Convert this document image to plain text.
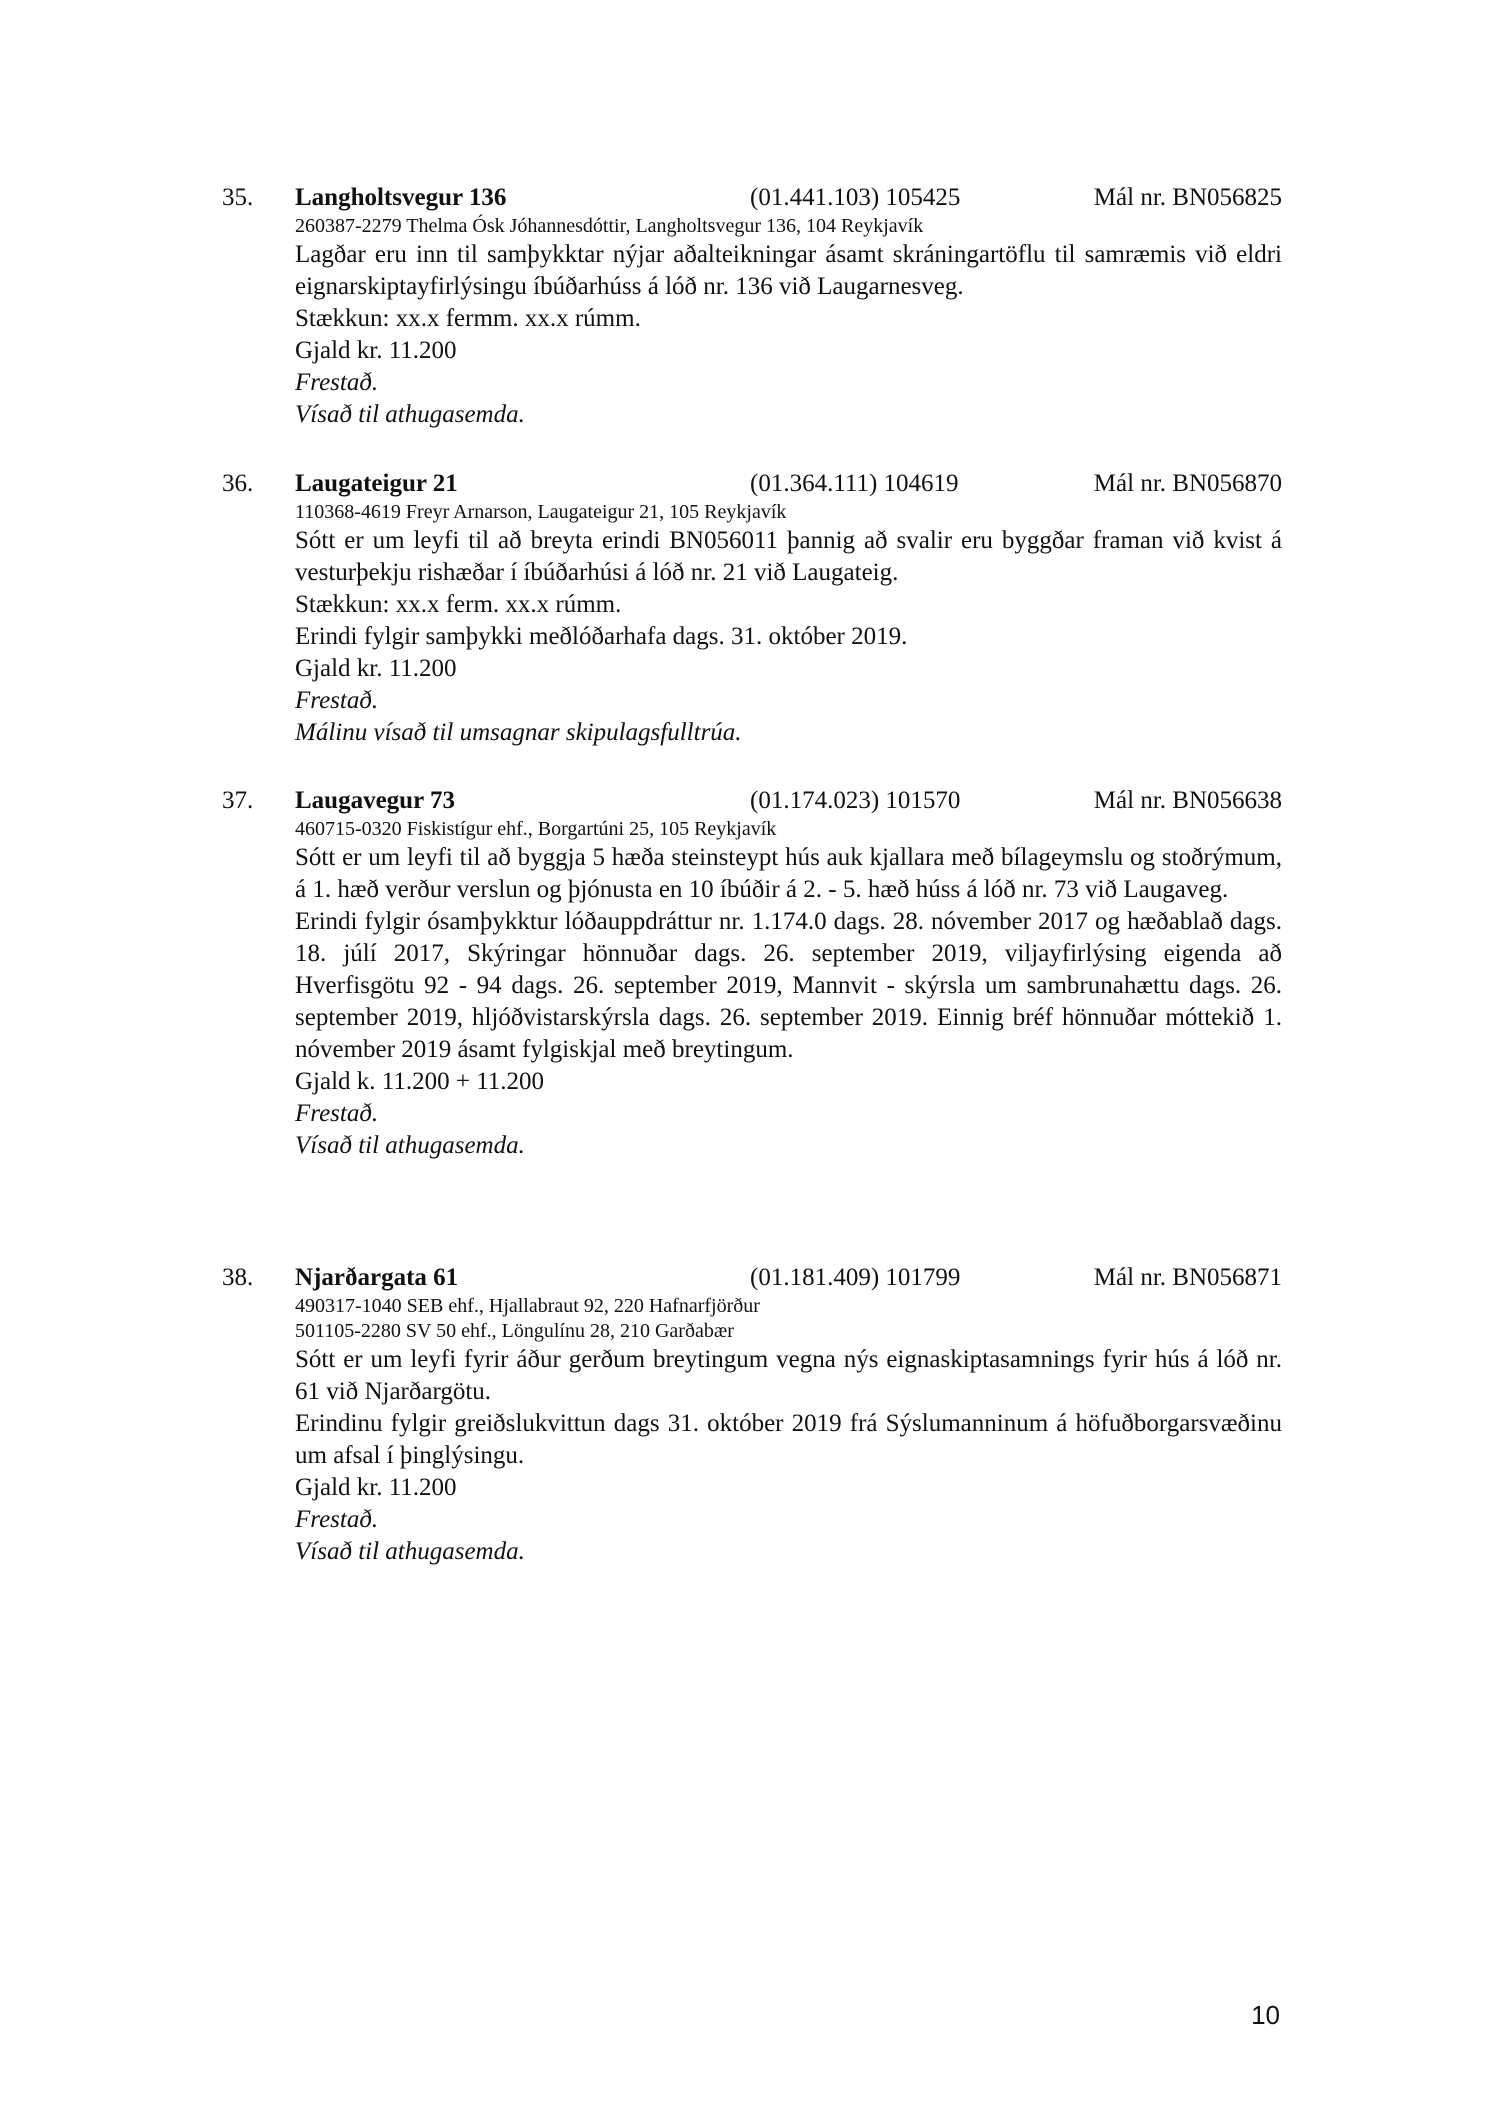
35. Langholtsvegur 136	(01.441.103) 105425	Mál nr. BN056825
260387-2279 Thelma Ósk Jóhannesdóttir, Langholtsvegur 136, 104 Reykjavík
Lagðar eru inn til samþykktar nýjar aðalteikningar ásamt skráningartöflu til samræmis við eldri eignarskiptayfirlýsingu íbúðarhúss á lóð nr. 136 við Laugarnesveg.
Stækkun: xx.x fermm. xx.x rúmm.
Gjald kr. 11.200
Frestað.
Vísað til athugasemda.
36. Laugateigur 21	(01.364.111) 104619	Mál nr. BN056870
110368-4619 Freyr Arnarson, Laugateigur 21, 105 Reykjavík
Sótt er um leyfi til að breyta erindi BN056011 þannig að svalir eru byggðar framan við kvist á vesturþekju rishæðar í íbúðarhúsi á lóð nr. 21 við Laugateig.
Stækkun: xx.x ferm. xx.x rúmm.
Erindi fylgir samþykki meðlóðarhafa dags. 31. október 2019.
Gjald kr. 11.200
Frestað.
Málinu vísað til umsagnar skipulagsfulltrúa.
37. Laugavegur 73	(01.174.023) 101570	Mál nr. BN056638
460715-0320 Fiskistígur ehf., Borgartúni 25, 105 Reykjavík
Sótt er um leyfi til að byggja 5 hæða steinsteypt hús auk kjallara með bílageymslu og stoðrýmum, á 1. hæð verður verslun og þjónusta en 10 íbúðir á 2. - 5. hæð húss á lóð nr. 73 við Laugaveg.
Erindi fylgir ósamþykktur lóðauppdráttur nr. 1.174.0 dags. 28. nóvember 2017 og hæðablað dags. 18. júlí 2017, Skýringar hönnuðar dags. 26. september 2019, viljayfirlýsing eigenda að Hverfisgötu 92 - 94 dags. 26. september 2019, Mannvit - skýrsla um sambrunahættu dags. 26. september 2019, hljóðvistarskýrsla dags. 26. september 2019. Einnig bréf hönnuðar móttekið 1. nóvember 2019 ásamt fylgiskjal með breytingum.
Gjald k. 11.200 + 11.200
Frestað.
Vísað til athugasemda.
38. Njarðargata 61	(01.181.409) 101799	Mál nr. BN056871
490317-1040 SEB ehf., Hjallabraut 92, 220 Hafnarfjörður
501105-2280 SV 50 ehf., Löngulínu 28, 210 Garðabær
Sótt er um leyfi fyrir áður gerðum breytingum vegna nýs eignaskiptasamnings fyrir hús á lóð nr. 61 við Njarðargötu.
Erindinu fylgir greiðslukvittun dags 31. október 2019 frá Sýslumanninum á höfuðborgarsvæðinu um afsal í þinglýsingu.
Gjald kr. 11.200
Frestað.
Vísað til athugasemda.
10
